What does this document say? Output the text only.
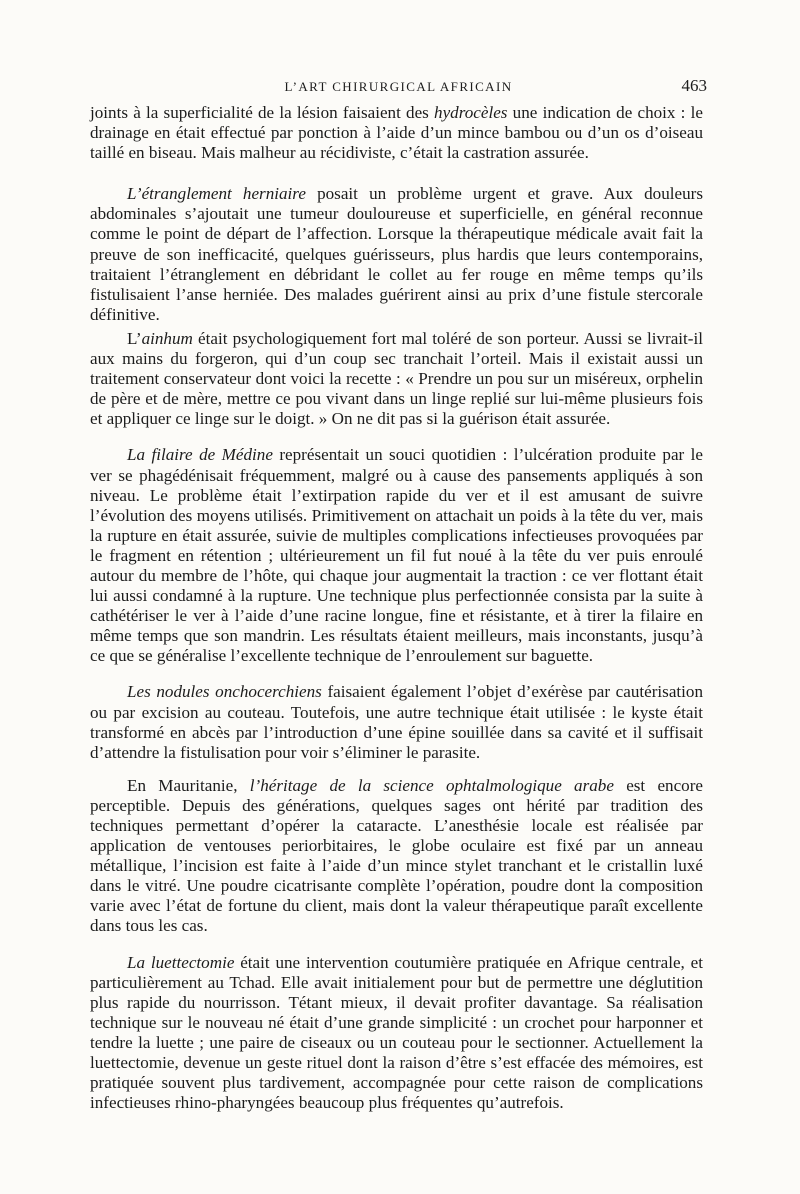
L’ART CHIRURGICAL AFRICAIN	463

joints à la superficialité de la lésion faisaient des hydrocèles une indication de choix : le drainage en était effectué par ponction à l’aide d’un mince bambou ou d’un os d’oiseau taillé en biseau. Mais malheur au récidiviste, c’était la castration assurée.

L’étranglement herniaire posait un problème urgent et grave. Aux douleurs abdominales s’ajoutait une tumeur douloureuse et superficielle, en général reconnue comme le point de départ de l’affection. Lorsque la thérapeutique médicale avait fait la preuve de son inefficacité, quelques guérisseurs, plus hardis que leurs contemporains, traitaient l’étranglement en débridant le collet au fer rouge en même temps qu’ils fistulisaient l’anse herniée. Des malades guérirent ainsi au prix d’une fistule stercorale définitive.

L’ainhum était psychologiquement fort mal toléré de son porteur. Aussi se livrait-il aux mains du forgeron, qui d’un coup sec tranchait l’orteil. Mais il existait aussi un traitement conservateur dont voici la recette : « Prendre un pou sur un miséreux, orphelin de père et de mère, mettre ce pou vivant dans un linge replié sur lui-même plusieurs fois et appliquer ce linge sur le doigt. » On ne dit pas si la guérison était assurée.

La filaire de Médine représentait un souci quotidien : l’ulcération produite par le ver se phagédénisait fréquemment, malgré ou à cause des pansements appliqués à son niveau. Le problème était l’extirpation rapide du ver et il est amusant de suivre l’évolution des moyens utilisés. Primitivement on attachait un poids à la tête du ver, mais la rupture en était assurée, suivie de multiples complications infectieuses provoquées par le fragment en rétention ; ultérieurement un fil fut noué à la tête du ver puis enroulé autour du membre de l’hôte, qui chaque jour augmentait la traction : ce ver flottant était lui aussi condamné à la rupture. Une technique plus perfectionnée consista par la suite à cathétériser le ver à l’aide d’une racine longue, fine et résistante, et à tirer la filaire en même temps que son mandrin. Les résultats étaient meilleurs, mais inconstants, jusqu’à ce que se généralise l’excellente technique de l’enroulement sur baguette.

Les nodules onchocerchiens faisaient également l’objet d’exérèse par cautérisation ou par excision au couteau. Toutefois, une autre technique était utilisée : le kyste était transformé en abcès par l’introduction d’une épine souillée dans sa cavité et il suffisait d’attendre la fistulisation pour voir s’éliminer le parasite.

En Mauritanie, l’héritage de la science ophtalmologique arabe est encore perceptible. Depuis des générations, quelques sages ont hérité par tradition des techniques permettant d’opérer la cataracte. L’anesthésie locale est réalisée par application de ventouses periorbitaires, le globe oculaire est fixé par un anneau métallique, l’incision est faite à l’aide d’un mince stylet tranchant et le cristallin luxé dans le vitré. Une poudre cicatrisante complète l’opération, poudre dont la composition varie avec l’état de fortune du client, mais dont la valeur thérapeutique paraît excellente dans tous les cas.

La luettectomie était une intervention coutumière pratiquée en Afrique centrale, et particulièrement au Tchad. Elle avait initialement pour but de permettre une déglutition plus rapide du nourrisson. Tétant mieux, il devait profiter davantage. Sa réalisation technique sur le nouveau né était d’une grande simplicité : un crochet pour harponner et tendre la luette ; une paire de ciseaux ou un couteau pour le sectionner. Actuellement la luettectomie, devenue un geste rituel dont la raison d’être s’est effacée des mémoires, est pratiquée souvent plus tardivement, accompagnée pour cette raison de complications infectieuses rhino-pharyngées beaucoup plus fréquentes qu’autrefois.
